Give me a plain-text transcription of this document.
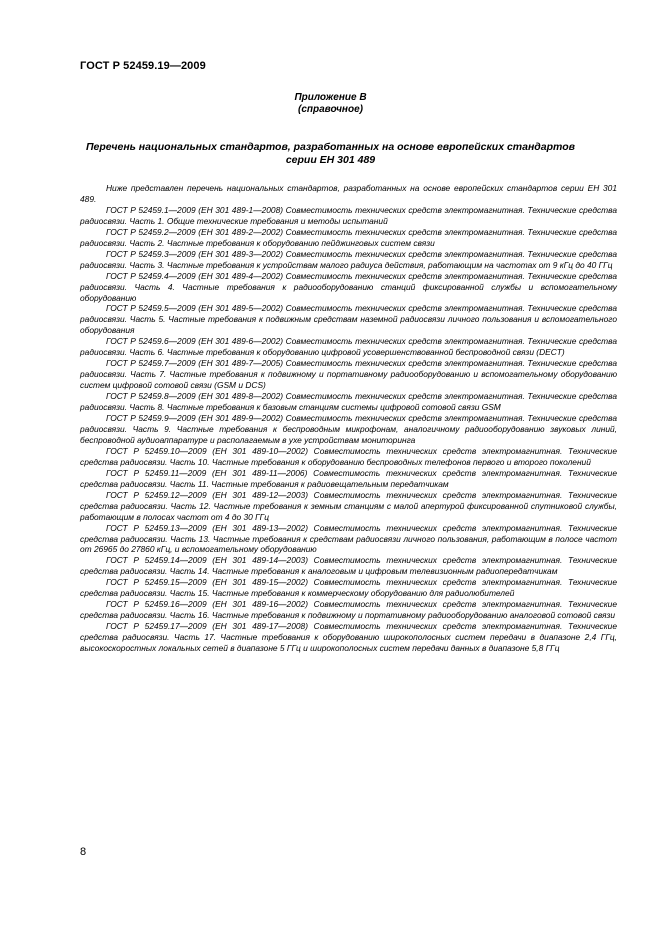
ГОСТ Р 52459.19—2009
Приложение В
(справочное)
Перечень национальных стандартов, разработанных на основе европейских стандартов
серии ЕН 301 489

Ниже представлен перечень национальных стандартов, разработанных на основе европейских стандартов серии ЕН 301 489.

ГОСТ Р 52459.1—2009 (ЕН 301 489-1—2008) Совместимость технических средств электромагнитная. Технические средства радиосвязи. Часть 1. Общие технические требования и методы испытаний

ГОСТ Р 52459.2—2009 (ЕН 301 489-2—2002) Совместимость технических средств электромагнитная. Технические средства радиосвязи. Часть 2. Частные требования к оборудованию пейджинговых систем связи

ГОСТ Р 52459.3—2009 (ЕН 301 489-3—2002) Совместимость технических средств электромагнитная. Технические средства радиосвязи. Часть 3. Частные требования к устройствам малого радиуса действия, работающим на частотах от 9 кГц до 40 ГГц

ГОСТ Р 52459.4—2009 (ЕН 301 489-4—2002) Совместимость технических средств электромагнитная. Технические средства радиосвязи. Часть 4. Частные требования к радиооборудованию станций фиксированной службы и вспомогательному оборудованию

ГОСТ Р 52459.5—2009 (ЕН 301 489-5—2002) Совместимость технических средств электромагнитная. Технические средства радиосвязи. Часть 5. Частные требования к подвижным средствам наземной радиосвязи личного пользования и вспомогательного оборудования

ГОСТ Р 52459.6—2009 (ЕН 301 489-6—2002) Совместимость технических средств электромагнитная. Технические средства радиосвязи. Часть 6. Частные требования к оборудованию цифровой усовершенствованной беспроводной связи (DECT)

ГОСТ Р 52459.7—2009 (ЕН 301 489-7—2005) Совместимость технических средств электромагнитная. Технические средства радиосвязи. Часть 7. Частные требования к подвижному и портативному радиооборудованию и вспомогательному оборудованию систем цифровой сотовой связи (GSM и DCS)

ГОСТ Р 52459.8—2009 (ЕН 301 489-8—2002) Совместимость технических средств электромагнитная. Технические средства радиосвязи. Часть 8. Частные требования к базовым станциям системы цифровой сотовой связи GSM

ГОСТ Р 52459.9—2009 (ЕН 301 489-9—2002) Совместимость технических средств электромагнитная. Технические средства радиосвязи. Часть 9. Частные требования к беспроводным микрофонам, аналогичному радиооборудованию звуковых линий, беспроводной аудиоаппаратуре и располагаемым в ухе устройствам мониторинга

ГОСТ Р 52459.10—2009 (ЕН 301 489-10—2002) Совместимость технических средств электромагнитная. Технические средства радиосвязи. Часть 10. Частные требования к оборудованию беспроводных телефонов первого и второго поколений

ГОСТ Р 52459.11—2009 (ЕН 301 489-11—2006) Совместимость технических средств электромагнитная. Технические средства радиосвязи. Часть 11. Частные требования к радиовещательным передатчикам

ГОСТ Р 52459.12—2009 (ЕН 301 489-12—2003) Совместимость технических средств электромагнитная. Технические средства радиосвязи. Часть 12. Частные требования к земным станциям с малой апертурой фиксированной спутниковой службы, работающим в полосах частот от 4 до 30 ГГц

ГОСТ Р 52459.13—2009 (ЕН 301 489-13—2002) Совместимость технических средств электромагнитная. Технические средства радиосвязи. Часть 13. Частные требования к средствам радиосвязи личного пользования, работающим в полосе частот от 26965 до 27860 кГц, и вспомогательному оборудованию

ГОСТ Р 52459.14—2009 (ЕН 301 489-14—2003) Совместимость технических средств электромагнитная. Технические средства радиосвязи. Часть 14. Частные требования к аналоговым и цифровым телевизионным радиопередатчикам

ГОСТ Р 52459.15—2009 (ЕН 301 489-15—2002) Совместимость технических средств электромагнитная. Технические средства радиосвязи. Часть 15. Частные требования к коммерческому оборудованию для радиолюбителей

ГОСТ Р 52459.16—2009 (ЕН 301 489-16—2002) Совместимость технических средств электромагнитная. Технические средства радиосвязи. Часть 16. Частные требования к подвижному и портативному радиооборудованию аналоговой сотовой связи

ГОСТ Р 52459.17—2009 (ЕН 301 489-17—2008) Совместимость технических средств электромагнитная. Технические средства радиосвязи. Часть 17. Частные требования к оборудованию широкополосных систем передачи в диапазоне 2,4 ГГц, высокоскоростных локальных сетей в диапазоне 5 ГГц и широкополосных систем передачи данных в диапазоне 5,8 ГГц

8
